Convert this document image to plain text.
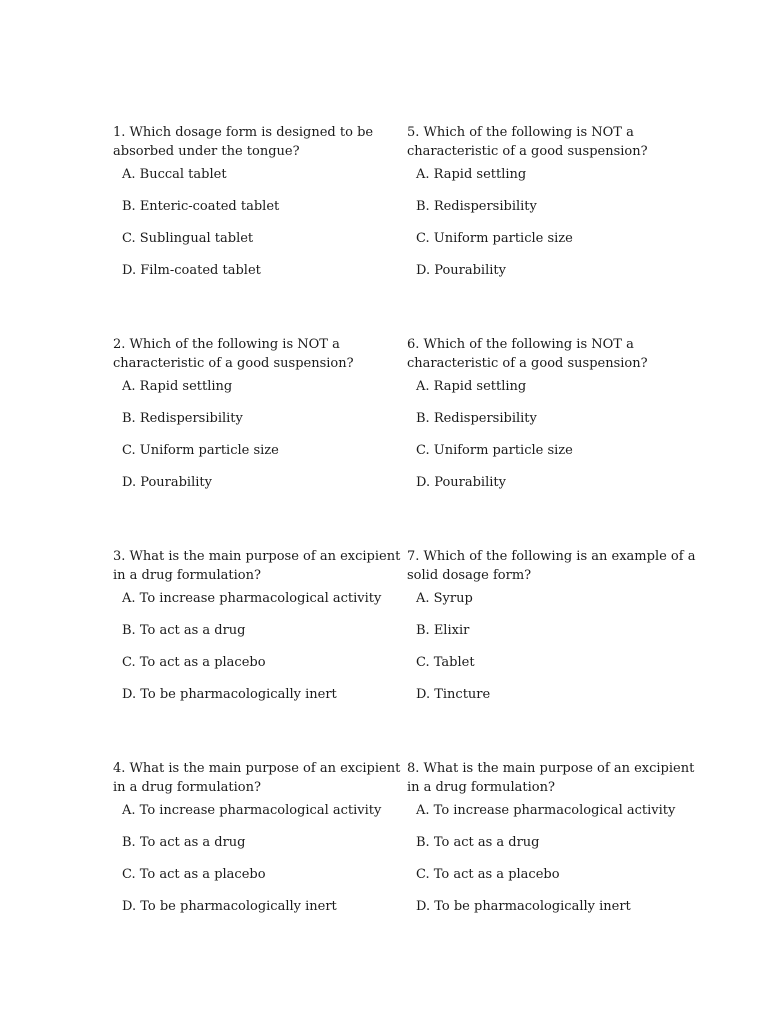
1. Which dosage form is designed to be absorbed under the tongue?

A. Buccal tablet
B. Enteric-coated tablet
C. Sublingual tablet
D. Film-coated tablet

2. Which of the following is NOT a characteristic of a good suspension?

A. Rapid settling
B. Redispersibility
C. Uniform particle size
D. Pourability

3. What is the main purpose of an excipient in a drug formulation?

A. To increase pharmacological activity
B. To act as a drug
C. To act as a placebo
D. To be pharmacologically inert

4. What is the main purpose of an excipient in a drug formulation?

A. To increase pharmacological activity
B. To act as a drug
C. To act as a placebo
D. To be pharmacologically inert

5. Which of the following is NOT a characteristic of a good suspension?

A. Rapid settling
B. Redispersibility
C. Uniform particle size
D. Pourability

6. Which of the following is NOT a characteristic of a good suspension?

A. Rapid settling
B. Redispersibility
C. Uniform particle size
D. Pourability

7. Which of the following is an example of a solid dosage form?

A. Syrup
B. Elixir
C. Tablet
D. Tincture

8. What is the main purpose of an excipient in a drug formulation?

A. To increase pharmacological activity
B. To act as a drug
C. To act as a placebo
D. To be pharmacologically inert
